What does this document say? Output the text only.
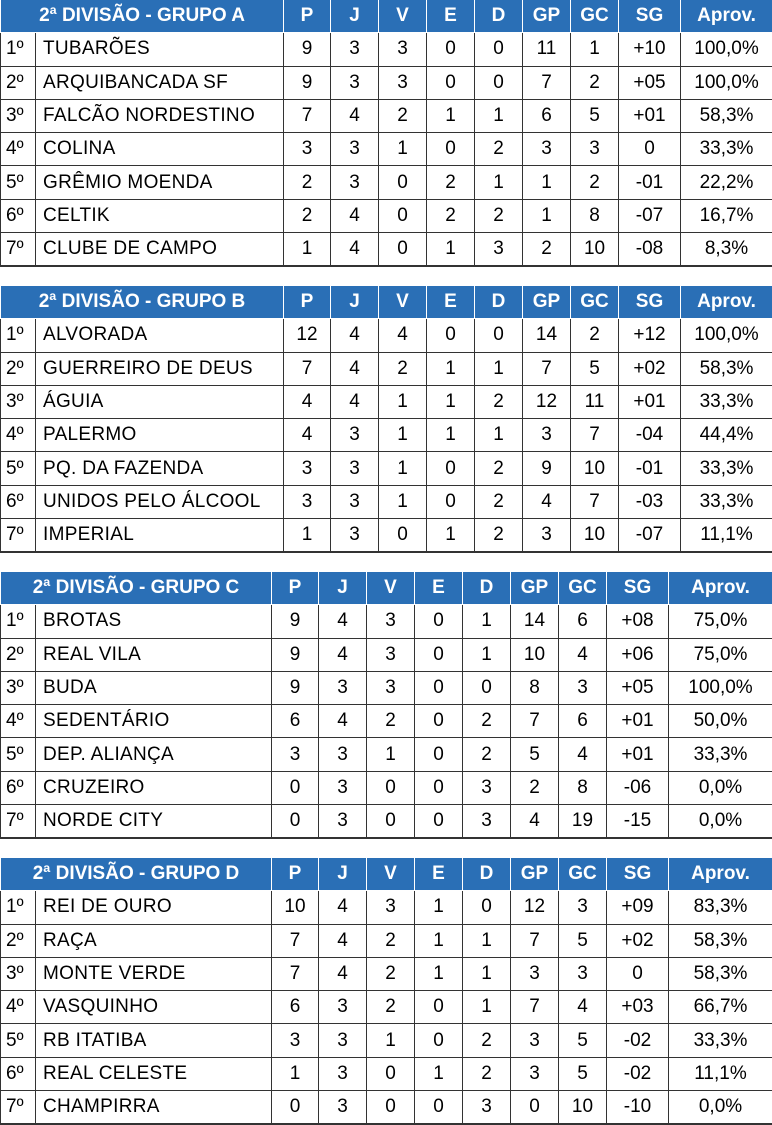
2ª DIVISÃO - GRUPO A		P	J	V	E	D	GP	GC	SG	Aprov.
1º	TUBARÕES	9	3	3	0	0	11	1	+10	100,0%
2º	ARQUIBANCADA SF	9	3	3	0	0	7	2	+05	100,0%
3º	FALCÃO NORDESTINO	7	4	2	1	1	6	5	+01	58,3%
4º	COLINA	3	3	1	0	2	3	3	0	33,3%
5º	GRÊMIO MOENDA	2	3	0	2	1	1	2	-01	22,2%
6º	CELTIK	2	4	0	2	2	1	8	-07	16,7%
7º	CLUBE DE CAMPO	1	4	0	1	3	2	10	-08	8,3%
2ª DIVISÃO - GRUPO B		P	J	V	E	D	GP	GC	SG	Aprov.
1º	ALVORADA	12	4	4	0	0	14	2	+12	100,0%
2º	GUERREIRO DE DEUS	7	4	2	1	1	7	5	+02	58,3%
3º	ÁGUIA	4	4	1	1	2	12	11	+01	33,3%
4º	PALERMO	4	3	1	1	1	3	7	-04	44,4%
5º	PQ. DA FAZENDA	3	3	1	0	2	9	10	-01	33,3%
6º	UNIDOS PELO ÁLCOOL	3	3	1	0	2	4	7	-03	33,3%
7º	IMPERIAL	1	3	0	1	2	3	10	-07	11,1%
2ª DIVISÃO - GRUPO C		P	J	V	E	D	GP	GC	SG	Aprov.
1º	BROTAS	9	4	3	0	1	14	6	+08	75,0%
2º	REAL VILA	9	4	3	0	1	10	4	+06	75,0%
3º	BUDA	9	3	3	0	0	8	3	+05	100,0%
4º	SEDENTÁRIO	6	4	2	0	2	7	6	+01	50,0%
5º	DEP. ALIANÇA	3	3	1	0	2	5	4	+01	33,3%
6º	CRUZEIRO	0	3	0	0	3	2	8	-06	0,0%
7º	NORDE CITY	0	3	0	0	3	4	19	-15	0,0%
2ª DIVISÃO - GRUPO D		P	J	V	E	D	GP	GC	SG	Aprov.
1º	REI DE OURO	10	4	3	1	0	12	3	+09	83,3%
2º	RAÇA	7	4	2	1	1	7	5	+02	58,3%
3º	MONTE VERDE	7	4	2	1	1	3	3	0	58,3%
4º	VASQUINHO	6	3	2	0	1	7	4	+03	66,7%
5º	RB ITATIBA	3	3	1	0	2	3	5	-02	33,3%
6º	REAL CELESTE	1	3	0	1	2	3	5	-02	11,1%
7º	CHAMPIRRA	0	3	0	0	3	0	10	-10	0,0%
